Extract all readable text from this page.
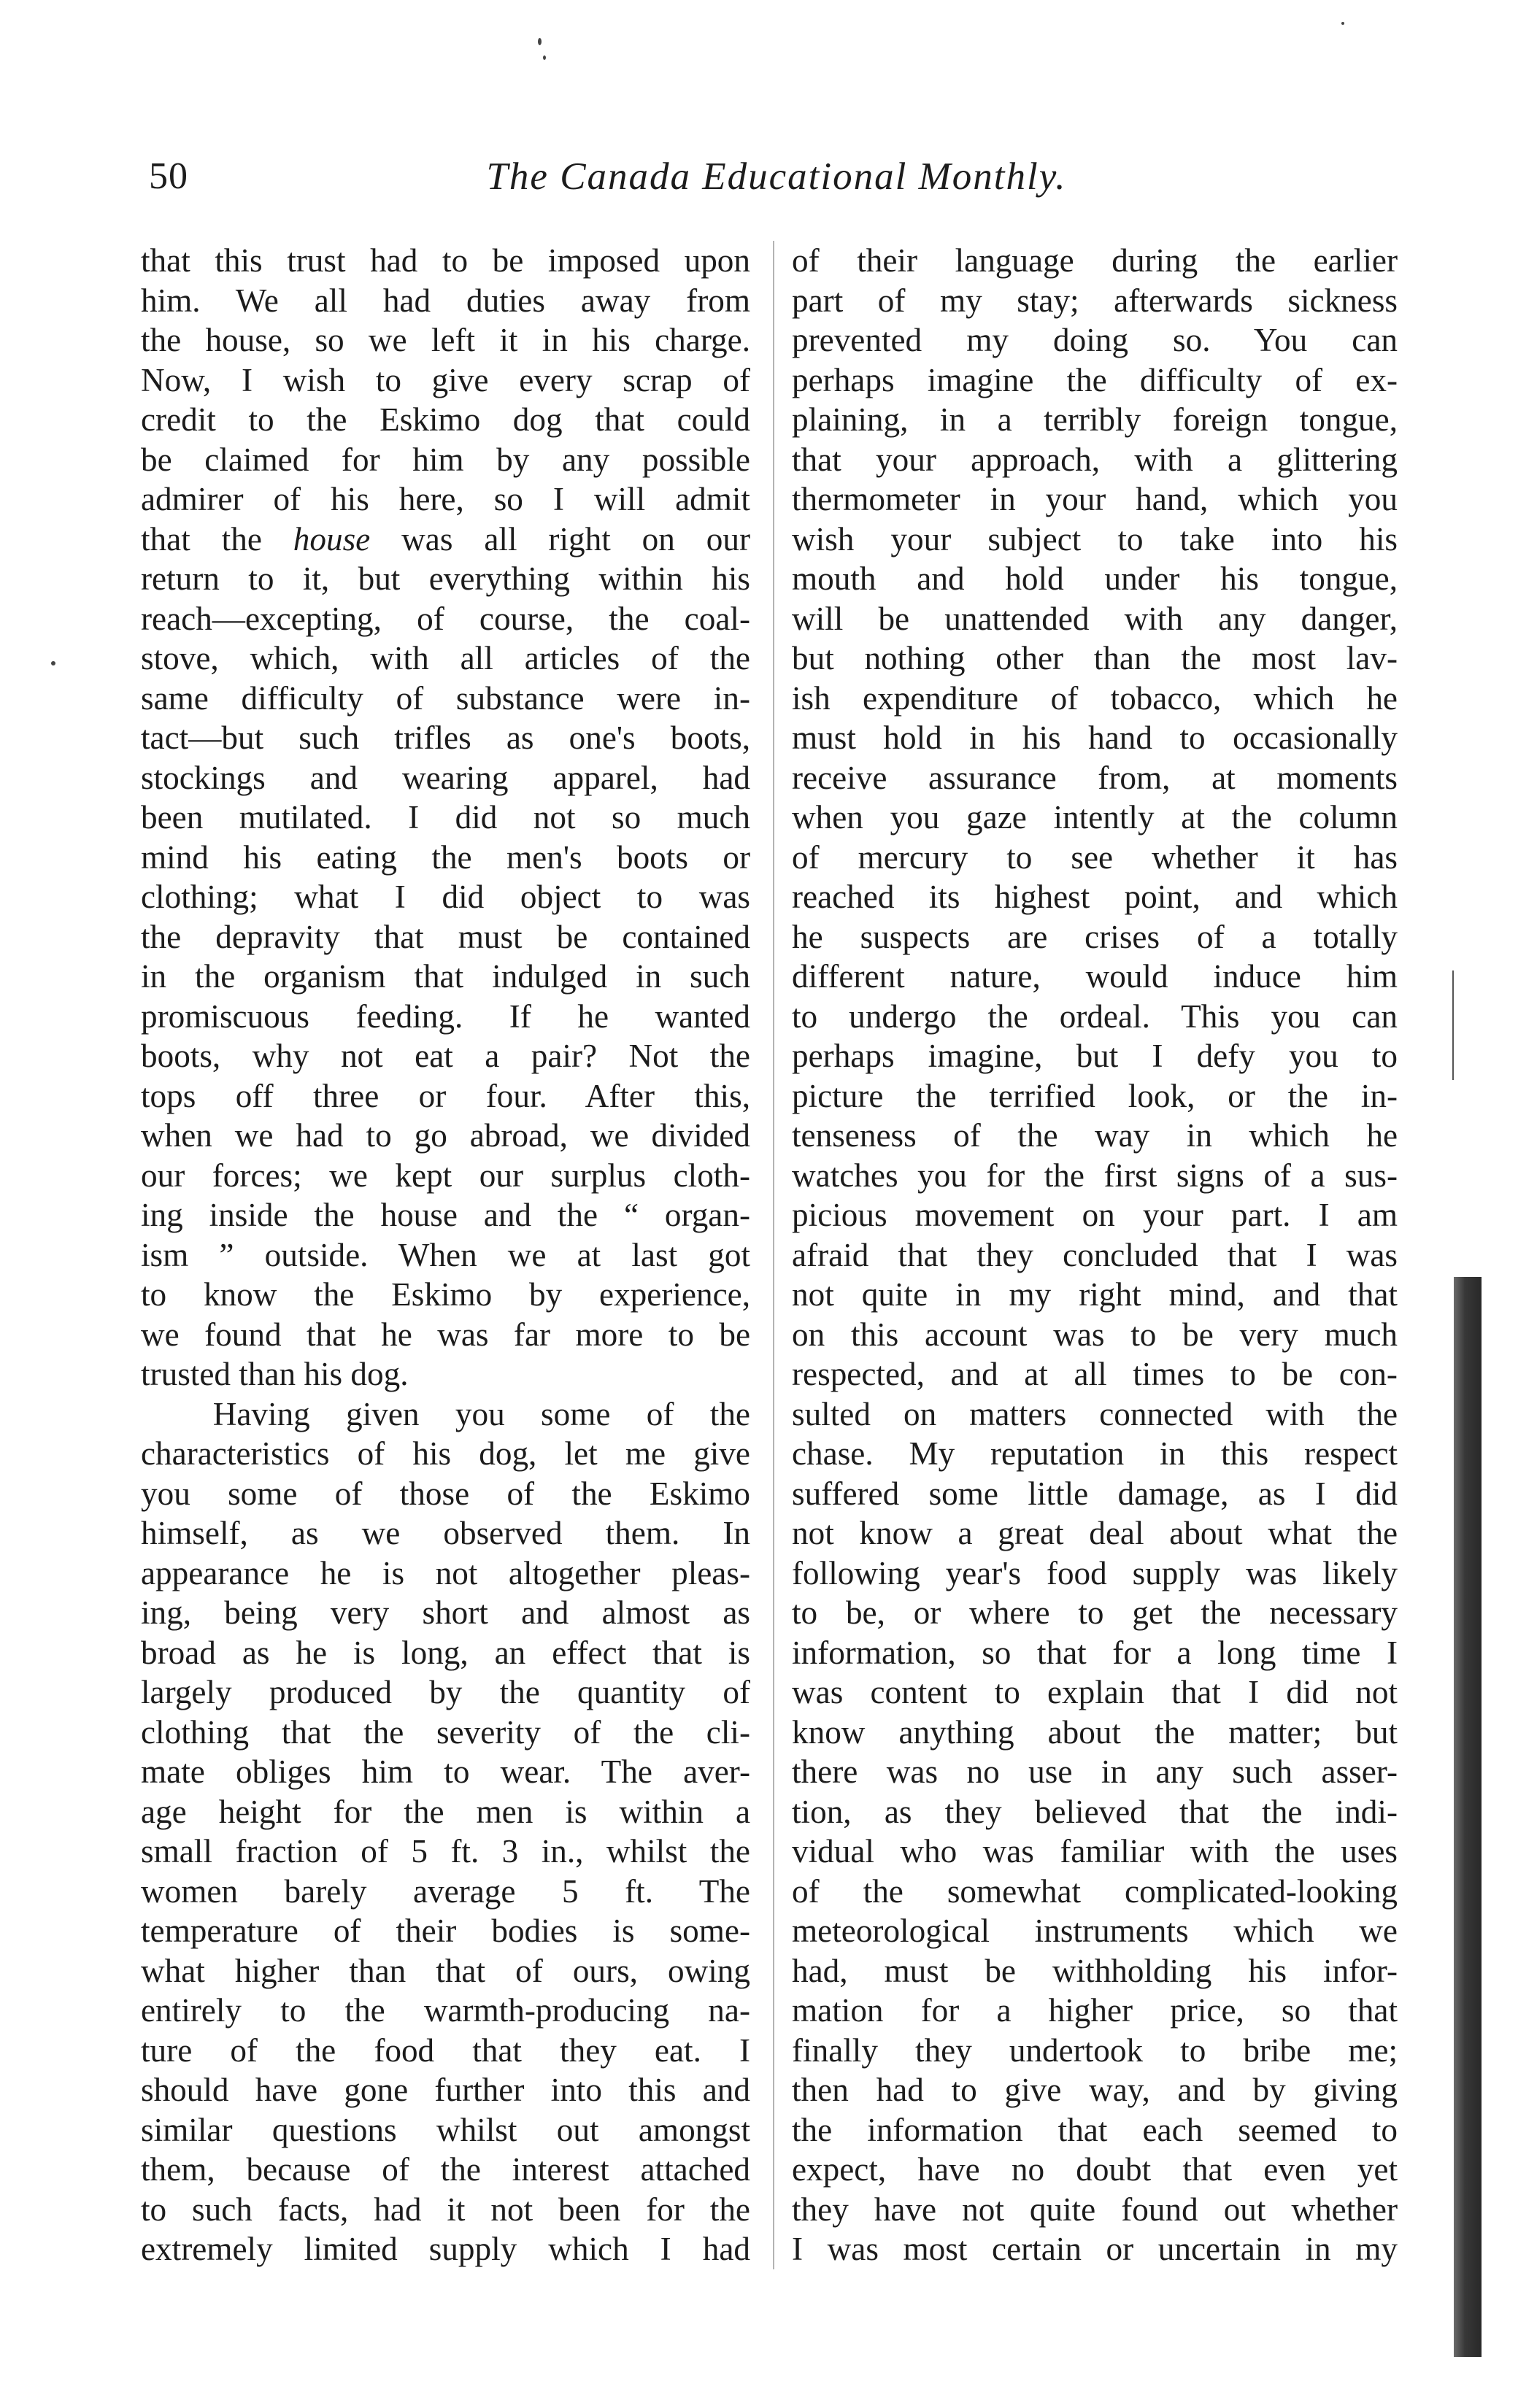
50	The Canada Educational Monthly.

that this trust had to be imposed upon
him. We all had duties away from
the house, so we left it in his charge.
Now, I wish to give every scrap of
credit to the Eskimo dog that could
be claimed for him by any possible
admirer of his here, so I will admit
that the house was all right on our
return to it, but everything within his
reach—excepting, of course, the coal-
stove, which, with all articles of the
same difficulty of substance were in-
tact—but such trifles as one's boots,
stockings and wearing apparel, had
been mutilated. I did not so much
mind his eating the men's boots or
clothing; what I did object to was
the depravity that must be contained
in the organism that indulged in such
promiscuous feeding. If he wanted
boots, why not eat a pair? Not the
tops off three or four. After this,
when we had to go abroad, we divided
our forces; we kept our surplus cloth-
ing inside the house and the “ organ-
ism ” outside. When we at last got
to know the Eskimo by experience,
we found that he was far more to be
trusted than his dog.

Having given you some of the
characteristics of his dog, let me give
you some of those of the Eskimo
himself, as we observed them. In
appearance he is not altogether pleas-
ing, being very short and almost as
broad as he is long, an effect that is
largely produced by the quantity of
clothing that the severity of the cli-
mate obliges him to wear. The aver-
age height for the men is within a
small fraction of 5 ft. 3 in., whilst the
women barely average 5 ft. The
temperature of their bodies is some-
what higher than that of ours, owing
entirely to the warmth-producing na-
ture of the food that they eat. I
should have gone further into this and
similar questions whilst out amongst
them, because of the interest attached
to such facts, had it not been for the
extremely limited supply which I had

of their language during the earlier
part of my stay; afterwards sickness
prevented my doing so. You can
perhaps imagine the difficulty of ex-
plaining, in a terribly foreign tongue,
that your approach, with a glittering
thermometer in your hand, which you
wish your subject to take into his
mouth and hold under his tongue,
will be unattended with any danger,
but nothing other than the most lav-
ish expenditure of tobacco, which he
must hold in his hand to occasionally
receive assurance from, at moments
when you gaze intently at the column
of mercury to see whether it has
reached its highest point, and which
he suspects are crises of a totally
different nature, would induce him
to undergo the ordeal. This you can
perhaps imagine, but I defy you to
picture the terrified look, or the in-
tenseness of the way in which he
watches you for the first signs of a sus-
picious movement on your part. I am
afraid that they concluded that I was
not quite in my right mind, and that
on this account was to be very much
respected, and at all times to be con-
sulted on matters connected with the
chase. My reputation in this respect
suffered some little damage, as I did
not know a great deal about what the
following year's food supply was likely
to be, or where to get the necessary
information, so that for a long time I
was content to explain that I did not
know anything about the matter; but
there was no use in any such asser-
tion, as they believed that the indi-
vidual who was familiar with the uses
of the somewhat complicated-looking
meteorological instruments which we
had, must be withholding his infor-
mation for a higher price, so that
finally they undertook to bribe me;
then had to give way, and by giving
the information that each seemed to
expect, have no doubt that even yet
they have not quite found out whether
I was most certain or uncertain in my
